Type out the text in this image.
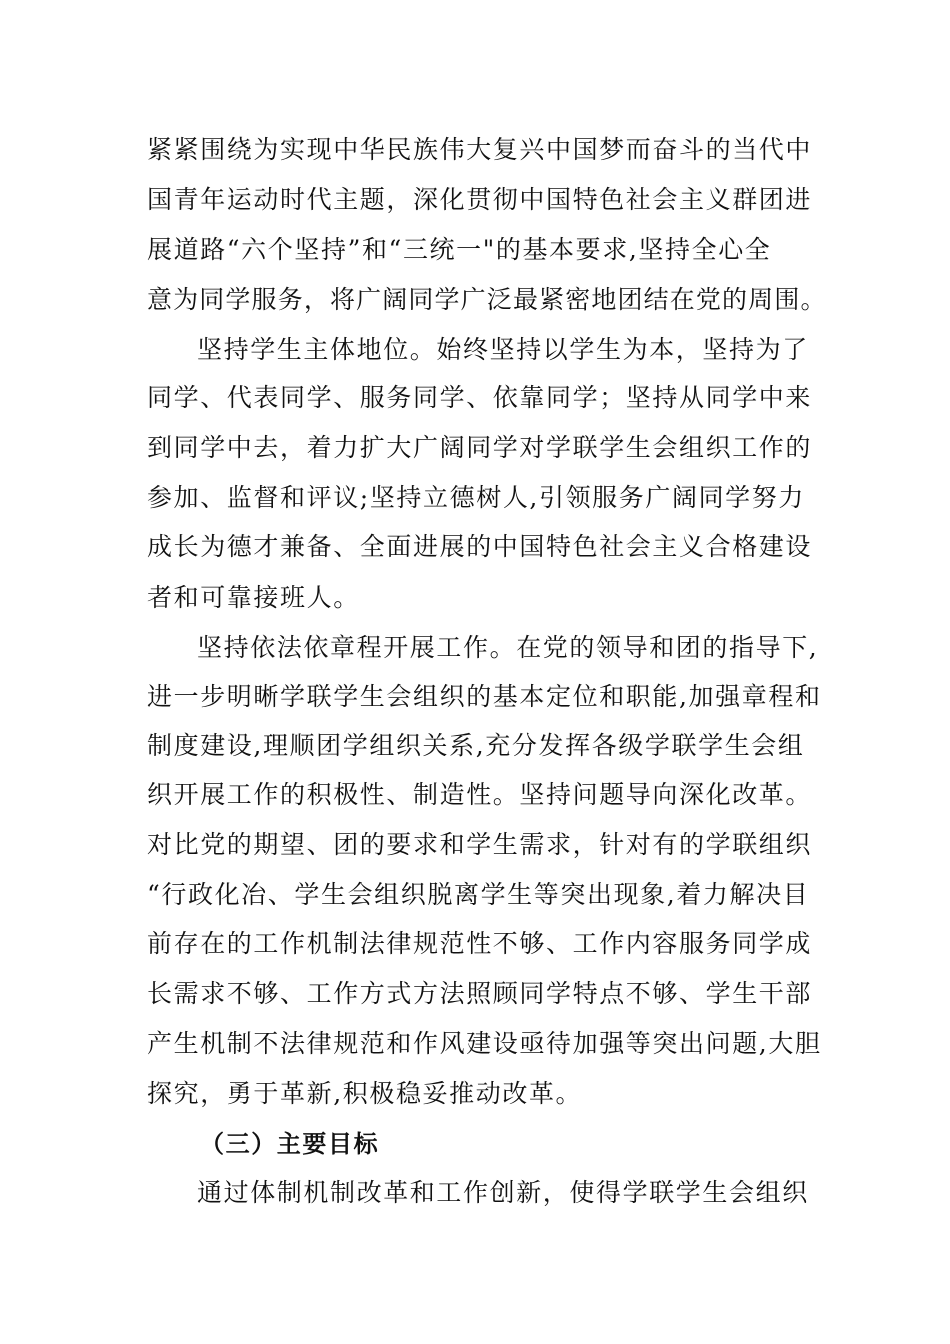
紧紧围绕为实现中华民族伟大复兴中国梦而奋斗的当代中
国青年运动时代主题，深化贯彻中国特色社会主义群团进
展道路“六个坚持”和“三统一"的基本要求,坚持全心全
意为同学服务，将广阔同学广泛最紧密地团结在党的周围。
坚持学生主体地位。始终坚持以学生为本，坚持为了
同学、代表同学、服务同学、依靠同学；坚持从同学中来
到同学中去，着力扩大广阔同学对学联学生会组织工作的
参加、监督和评议;坚持立德树人,引领服务广阔同学努力
成长为德才兼备、全面进展的中国特色社会主义合格建设
者和可靠接班人。
坚持依法依章程开展工作。在党的领导和团的指导下,
进一步明晰学联学生会组织的基本定位和职能,加强章程和
制度建设,理顺团学组织关系,充分发挥各级学联学生会组
织开展工作的积极性、制造性。坚持问题导向深化改革。
对比党的期望、团的要求和学生需求，针对有的学联组织
“行政化冶、学生会组织脱离学生等突出现象,着力解决目
前存在的工作机制法律规范性不够、工作内容服务同学成
长需求不够、工作方式方法照顾同学特点不够、学生干部
产生机制不法律规范和作风建设亟待加强等突出问题,大胆
探究，勇于革新,积极稳妥推动改革。
（三）主要目标
通过体制机制改革和工作创新，使得学联学生会组织
